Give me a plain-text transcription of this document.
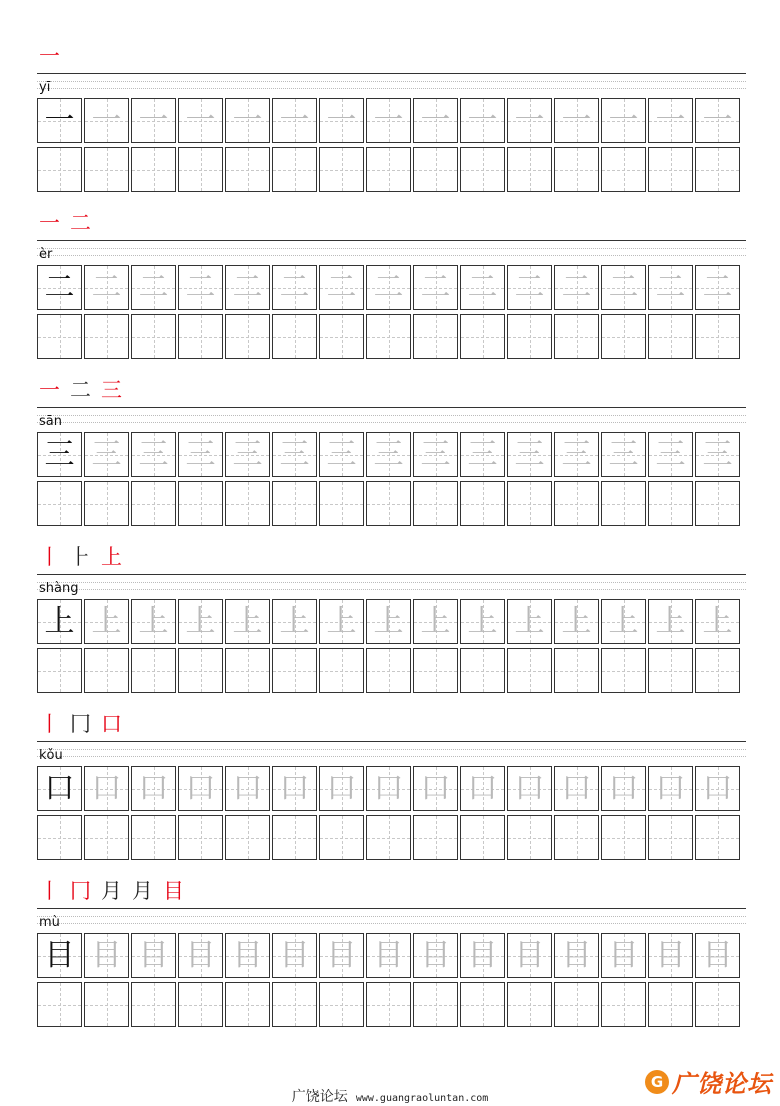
一
yī
一 一 一 一 一 一 一 一 一 一 一 一 一 一 一
一 二
èr
二 二 二 二 二 二 二 二 二 二 二 二 二 二 二
一 二 三
sān
三 三 三 三 三 三 三 三 三 三 三 三 三 三 三
丨 ⺊ 上
shàng
上 上 上 上 上 上 上 上 上 上 上 上 上 上 上
丨 冂 口
kǒu
口 口 口 口 口 口 口 口 口 口 口 口 口 口 口
丨 冂 月 月 目
mù
目 目 目 目 目 目 目 目 目 目 目 目 目 目 目
广饶论坛 www.guangraoluntan.com
G 广饶论坛
